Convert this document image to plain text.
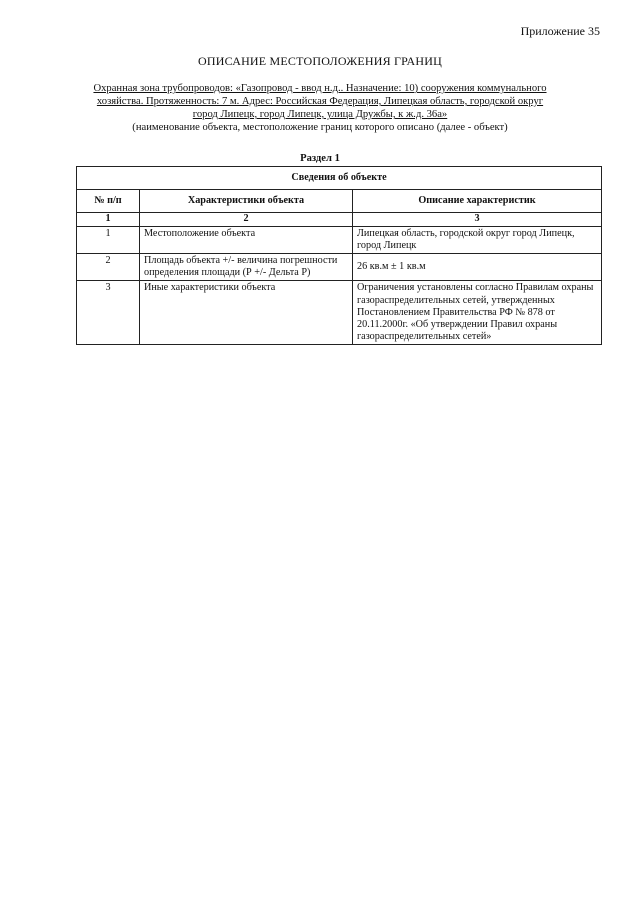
Приложение 35
ОПИСАНИЕ МЕСТОПОЛОЖЕНИЯ ГРАНИЦ
Охранная зона трубопроводов: «Газопровод - ввод н.д.. Назначение: 10) сооружения коммунального
хозяйства. Протяженность: 7 м. Адрес: Российская Федерация, Липецкая область, городской округ
город Липецк, город Липецк, улица Дружбы, к ж.д. 36а»
(наименование объекта, местоположение границ которого описано (далее - объект)
Раздел 1
Сведения об объекте		
№ п/п	Характеристики объекта	Описание характеристик
1	2	3
1	Местоположение объекта	Липецкая область, городской округ город Липецк, город Липецк
2	Площадь объекта +/- величина погрешности определения площади (Р +/- Дельта Р)	26 кв.м ± 1 кв.м
3	Иные характеристики объекта	Ограничения установлены согласно Правилам охраны газораспределительных сетей, утвержденных Постановлением Правительства РФ № 878 от 20.11.2000г. «Об утверждении Правил охраны газораспределительных сетей»
